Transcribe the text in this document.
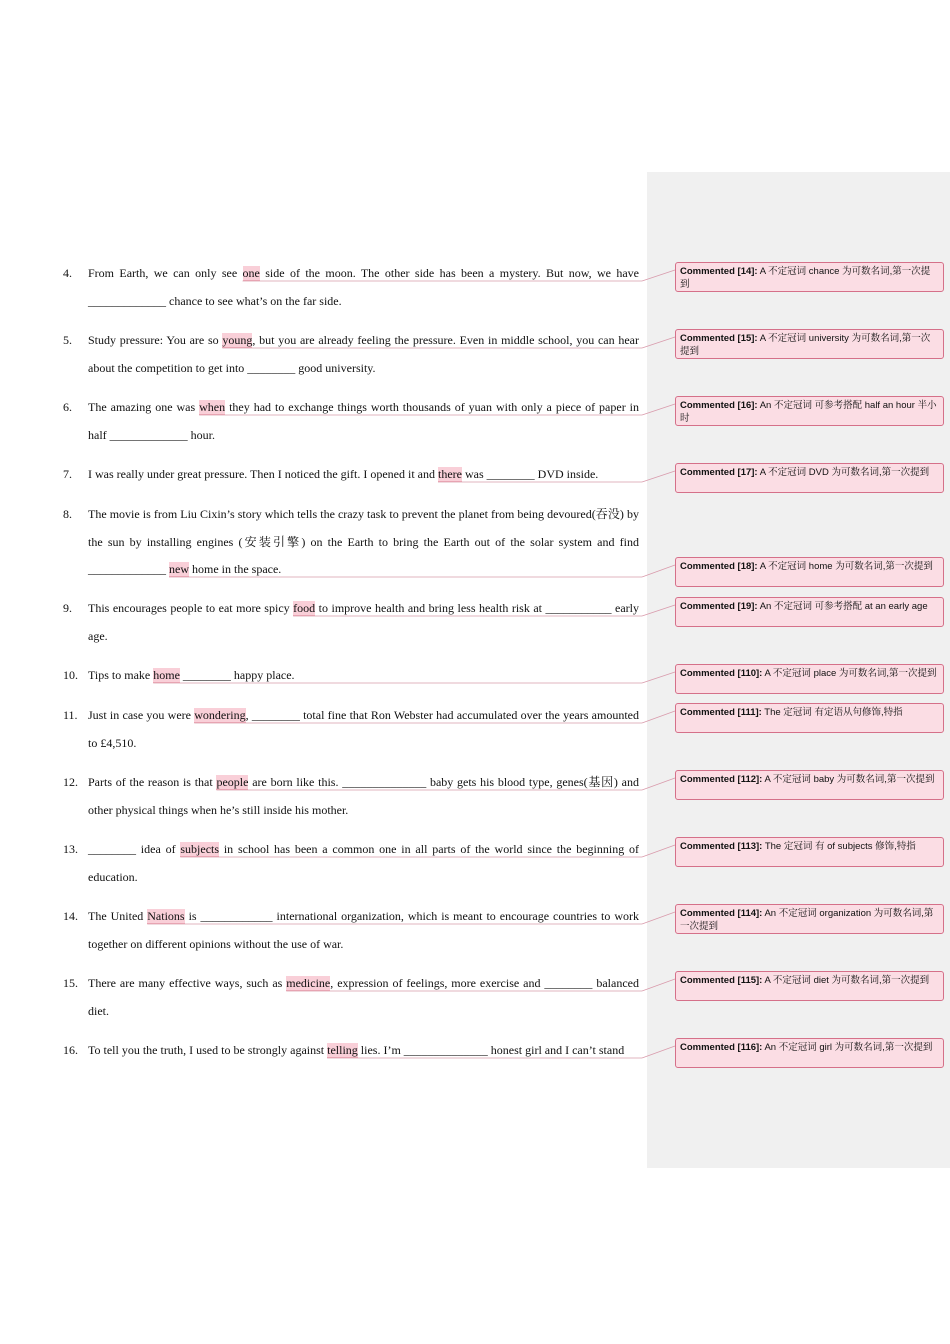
4. From Earth, we can only see one side of the moon. The other side has been a mystery. But now, we have _____________ chance to see what’s on the far side.
5. Study pressure: You are so young, but you are already feeling the pressure. Even in middle school, you can hear about the competition to get into ________ good university.
6. The amazing one was when they had to exchange things worth thousands of yuan with only a piece of paper in half _____________ hour.
7. I was really under great pressure. Then I noticed the gift. I opened it and there was ________ DVD inside.
8. The movie is from Liu Cixin’s story which tells the crazy task to prevent the planet from being devoured(吞没) by the sun by installing engines (安装引擎) on the Earth to bring the Earth out of the solar system and find _____________ new home in the space.
9. This encourages people to eat more spicy food to improve health and bring less health risk at ___________ early age.
10. Tips to make home ________ happy place.
11. Just in case you were wondering, ________ total fine that Ron Webster had accumulated over the years amounted to £4,510.
12. Parts of the reason is that people are born like this. ______________ baby gets his blood type, genes(基因) and other physical things when he’s still inside his mother.
13. ________ idea of subjects in school has been a common one in all parts of the world since the beginning of education.
14. The United Nations is ____________ international organization, which is meant to encourage countries to work together on different opinions without the use of war.
15. There are many effective ways, such as medicine, expression of feelings, more exercise and ________ balanced diet.
16. To tell you the truth, I used to be strongly against telling lies. I’m ______________ honest girl and I can’t stand
Commented [14]: A 不定冠词 chance 为可数名词,第一次提到
Commented [15]: A 不定冠词 university 为可数名词,第一次提到
Commented [16]: An 不定冠词 可参考搭配 half an hour 半小时
Commented [17]: A 不定冠词 DVD 为可数名词,第一次提到
Commented [18]: A 不定冠词 home 为可数名词,第一次提到
Commented [19]: An 不定冠词 可参考搭配 at an early age
Commented [110]: A 不定冠词 place 为可数名词,第一次提到
Commented [111]: The 定冠词 有定语从句修饰,特指
Commented [112]: A 不定冠词 baby 为可数名词,第一次提到
Commented [113]: The 定冠词 有 of subjects 修饰,特指
Commented [114]: An 不定冠词 organization 为可数名词,第一次提到
Commented [115]: A 不定冠词 diet 为可数名词,第一次提到
Commented [116]: An 不定冠词 girl 为可数名词,第一次提到
